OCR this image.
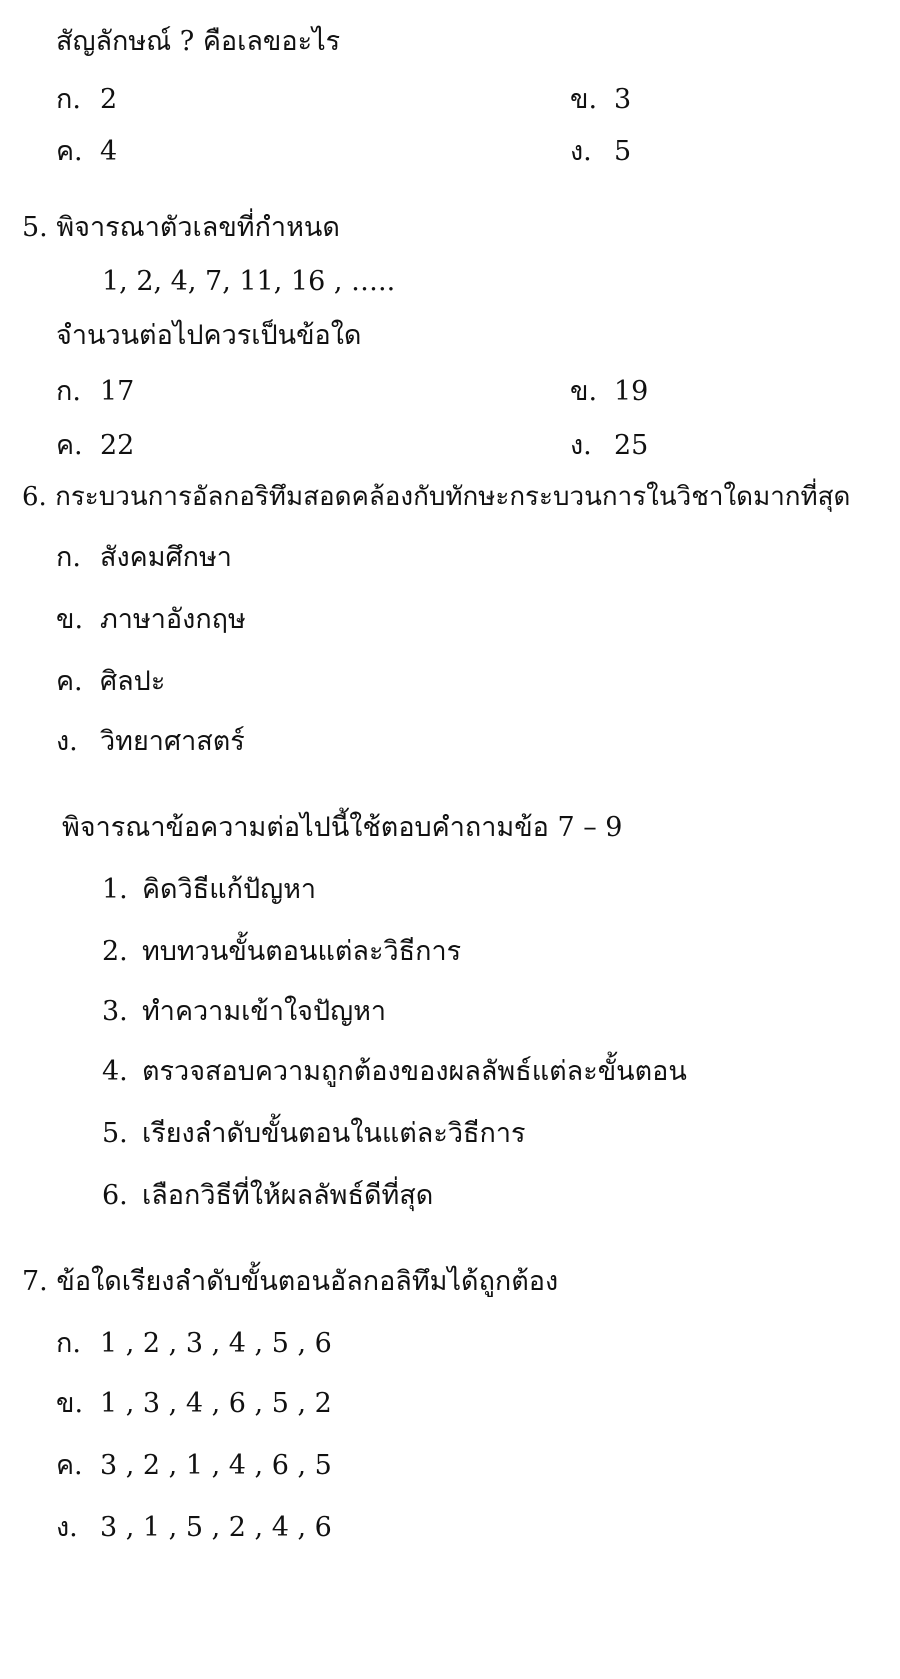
สัญลักษณ์ ? คือเลขอะไร
ก. 2	ข. 3
ค. 4	ง. 5
5. พิจารณาตัวเลขที่กำหนด
1, 2, 4, 7, 11, 16 , …..
จำนวนต่อไปควรเป็นข้อใด
ก. 17	ข. 19
ค. 22	ง. 25
6. กระบวนการอัลกอริทึมสอดคล้องกับทักษะกระบวนการในวิชาใดมากที่สุด
ก. สังคมศึกษา
ข. ภาษาอังกฤษ
ค. ศิลปะ
ง. วิทยาศาสตร์
พิจารณาข้อความต่อไปนี้ใช้ตอบคำถามข้อ 7 – 9
1. คิดวิธีแก้ปัญหา
2. ทบทวนขั้นตอนแต่ละวิธีการ
3. ทำความเข้าใจปัญหา
4. ตรวจสอบความถูกต้องของผลลัพธ์แต่ละขั้นตอน
5. เรียงลำดับขั้นตอนในแต่ละวิธีการ
6. เลือกวิธีที่ให้ผลลัพธ์ดีที่สุด
7. ข้อใดเรียงลำดับขั้นตอนอัลกอลิทึมได้ถูกต้อง
ก. 1 , 2 , 3 , 4 , 5 , 6
ข. 1 , 3 , 4 , 6 , 5 , 2
ค. 3 , 2 , 1 , 4 , 6 , 5
ง. 3 , 1 , 5 , 2 , 4 , 6
